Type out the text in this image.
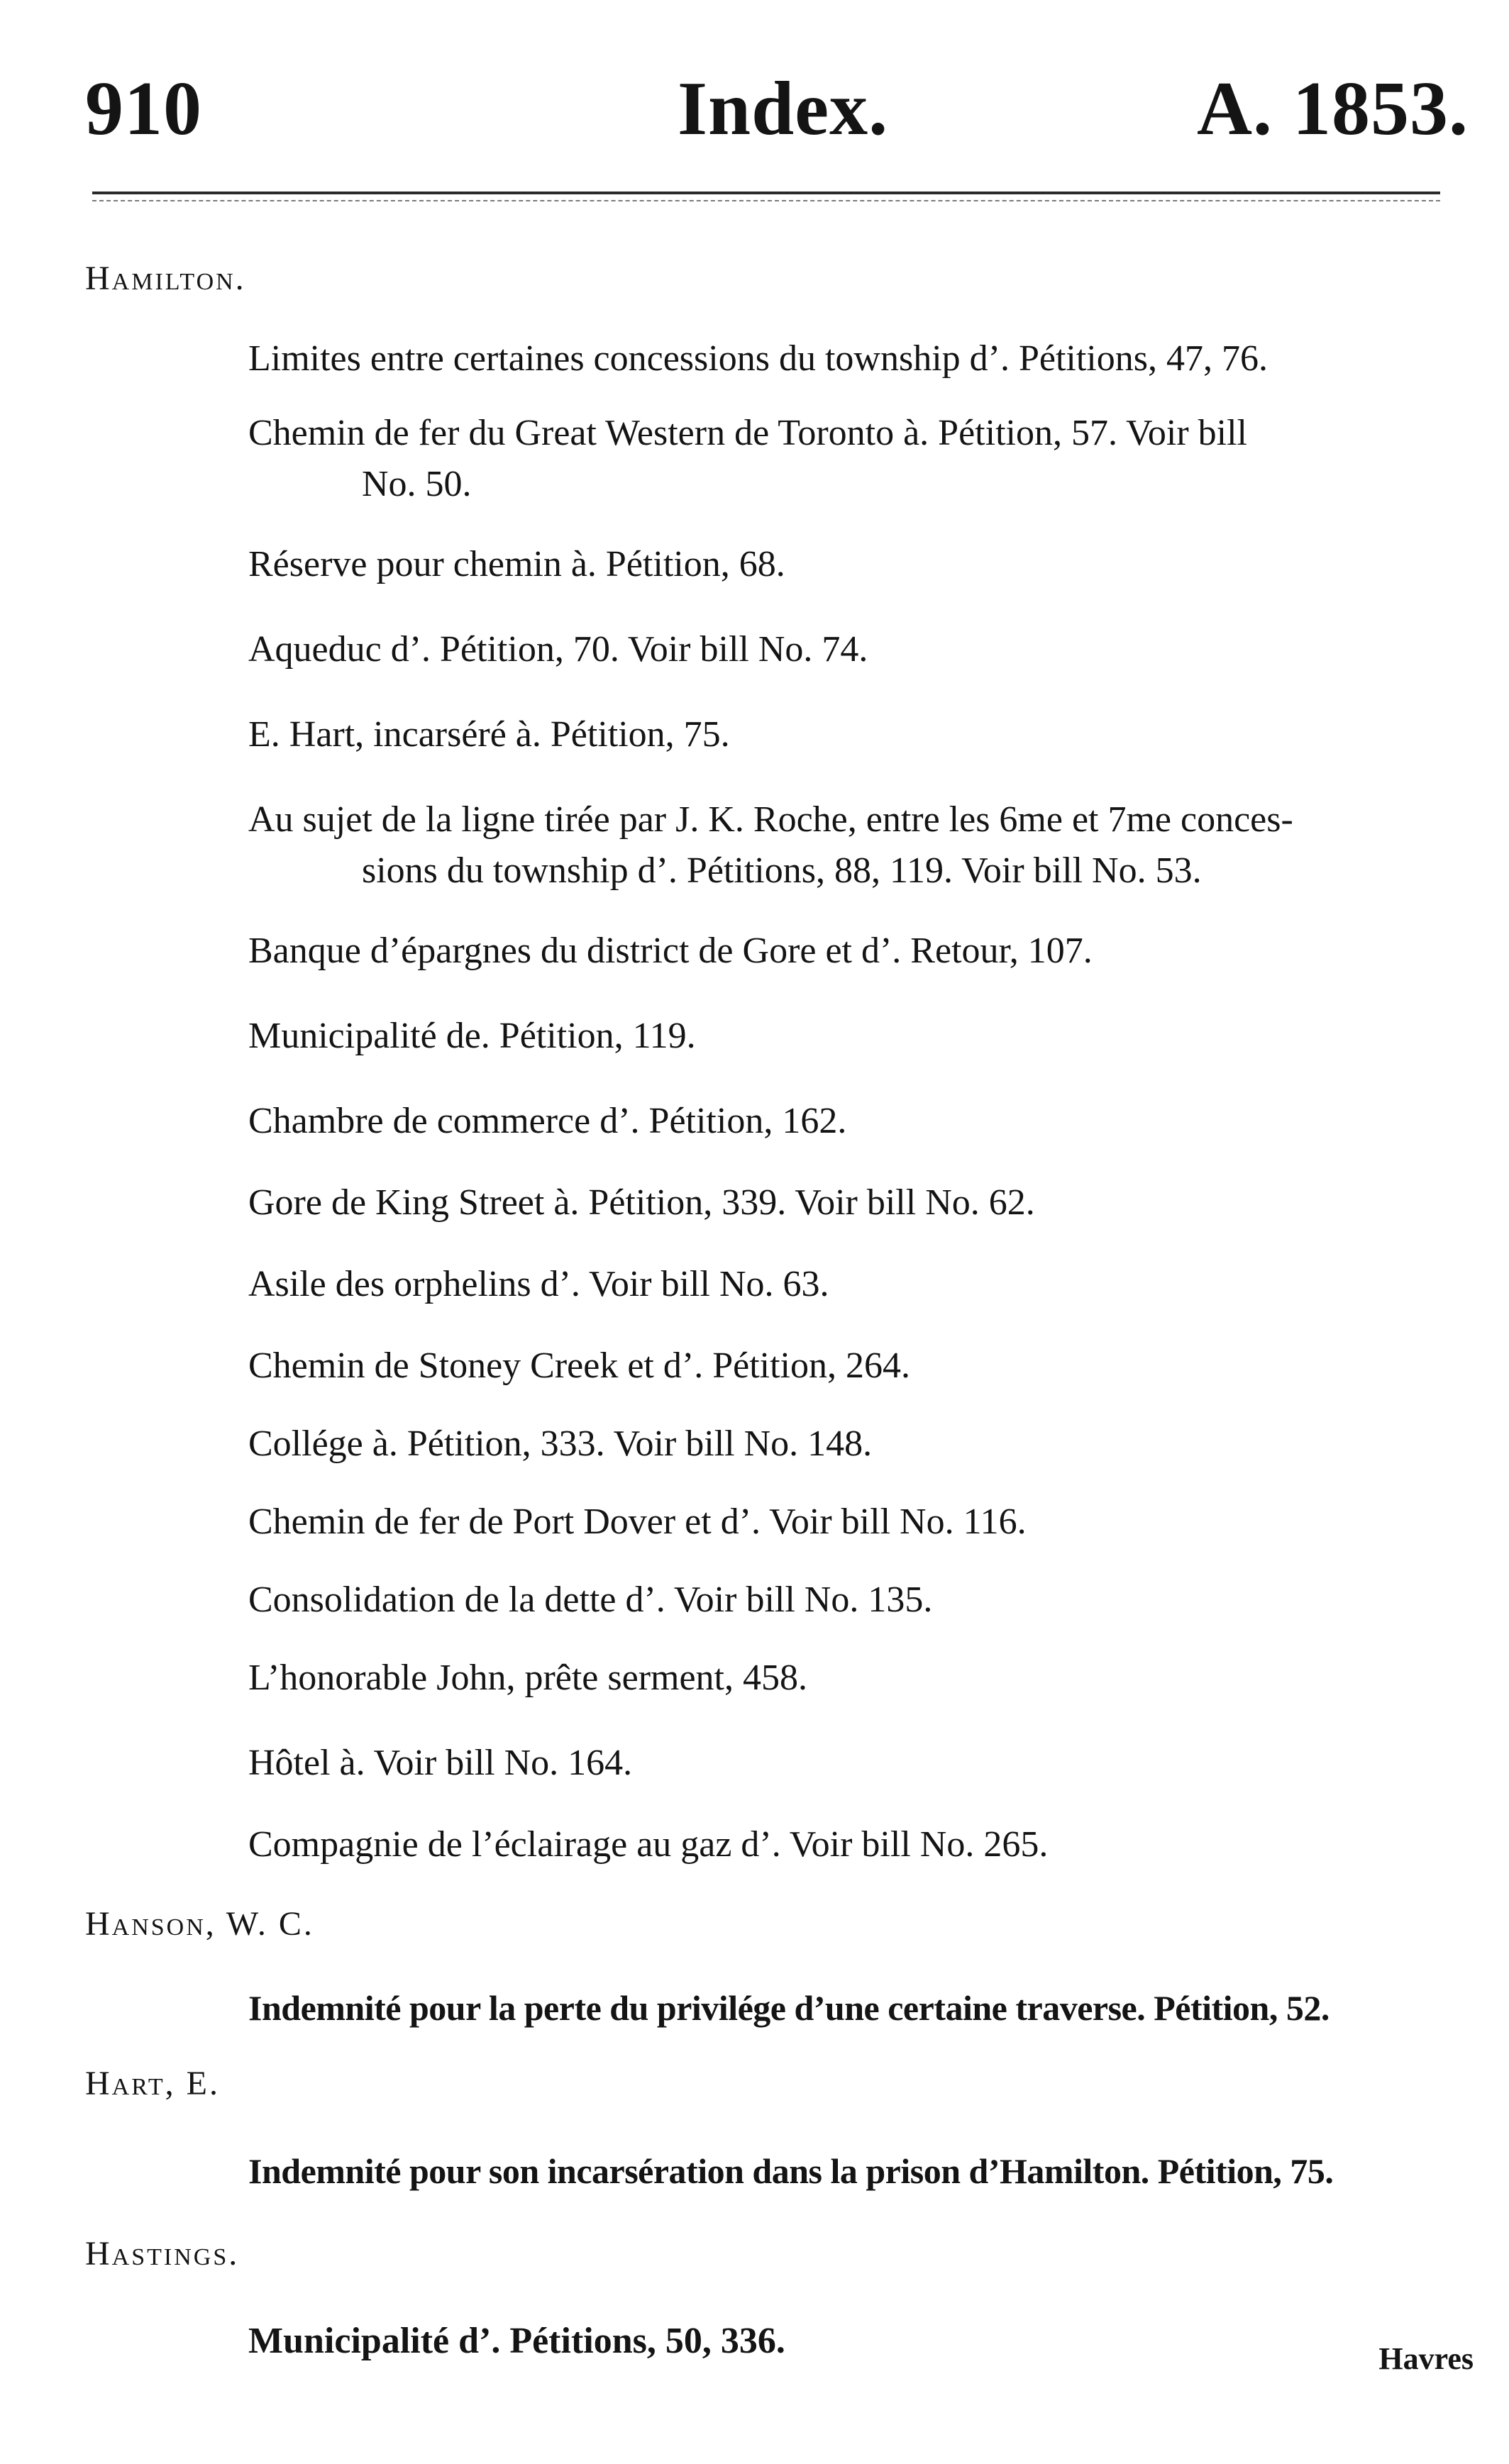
910	Index.	A. 1853.
Hamilton.
Limites entre certaines concessions du township d’. Pétitions, 47, 76.
Chemin de fer du Great Western de Toronto à. Pétition, 57. Voir bill
No. 50.
Réserve pour chemin à. Pétition, 68.
Aqueduc d’. Pétition, 70. Voir bill No. 74.
E. Hart, incarséré à. Pétition, 75.
Au sujet de la ligne tirée par J. K. Roche, entre les 6me et 7me conces-
sions du township d’. Pétitions, 88, 119. Voir bill No. 53.
Banque d’épargnes du district de Gore et d’. Retour, 107.
Municipalité de. Pétition, 119.
Chambre de commerce d’. Pétition, 162.
Gore de King Street à. Pétition, 339. Voir bill No. 62.
Asile des orphelins d’. Voir bill No. 63.
Chemin de Stoney Creek et d’. Pétition, 264.
Collége à. Pétition, 333. Voir bill No. 148.
Chemin de fer de Port Dover et d’. Voir bill No. 116.
Consolidation de la dette d’. Voir bill No. 135.
L’honorable John, prête serment, 458.
Hôtel à. Voir bill No. 164.
Compagnie de l’éclairage au gaz d’. Voir bill No. 265.
Hanson, W. C.
Indemnité pour la perte du privilége d’une certaine traverse. Pétition, 52.
Hart, E.
Indemnité pour son incarsération dans la prison d’Hamilton. Pétition, 75.
Hastings.
Municipalité d’. Pétitions, 50, 336.	Havres
